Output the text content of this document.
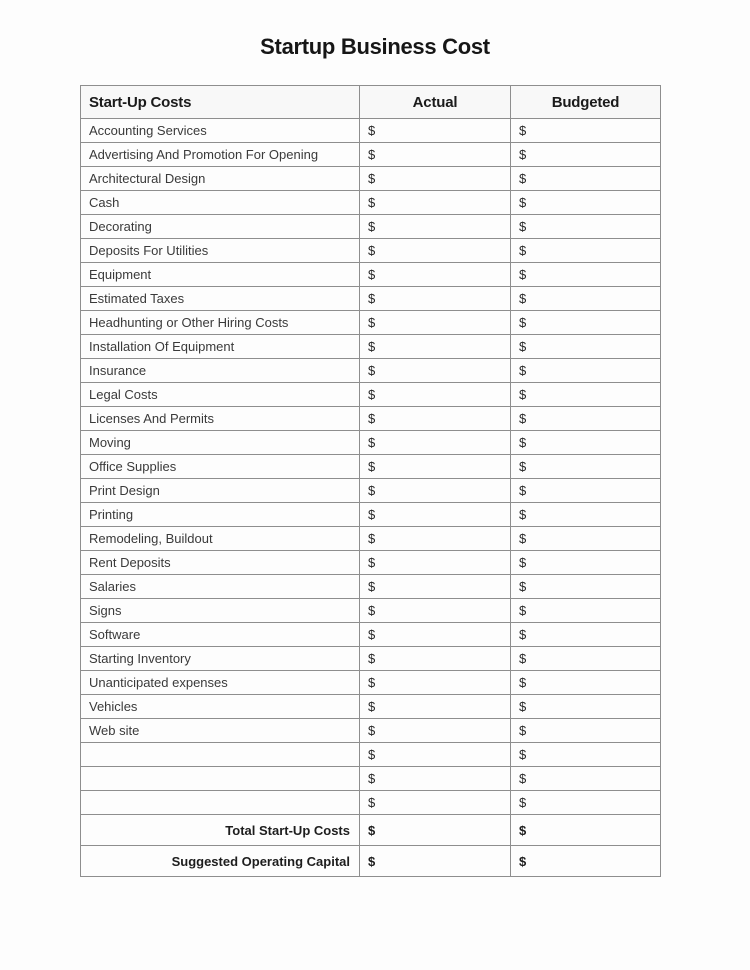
Startup Business Cost
Start-Up Costs	Actual	Budgeted
Accounting Services	$	$
Advertising And Promotion For Opening	$	$
Architectural Design	$	$
Cash	$	$
Decorating	$	$
Deposits For Utilities	$	$
Equipment	$	$
Estimated Taxes	$	$
Headhunting or Other Hiring Costs	$	$
Installation Of Equipment	$	$
Insurance	$	$
Legal Costs	$	$
Licenses And Permits	$	$
Moving	$	$
Office Supplies	$	$
Print Design	$	$
Printing	$	$
Remodeling, Buildout	$	$
Rent Deposits	$	$
Salaries	$	$
Signs	$	$
Software	$	$
Starting Inventory	$	$
Unanticipated expenses	$	$
Vehicles	$	$
Web site	$	$
	$	$
	$	$
	$	$
Total Start-Up Costs	$	$
Suggested Operating Capital	$	$
